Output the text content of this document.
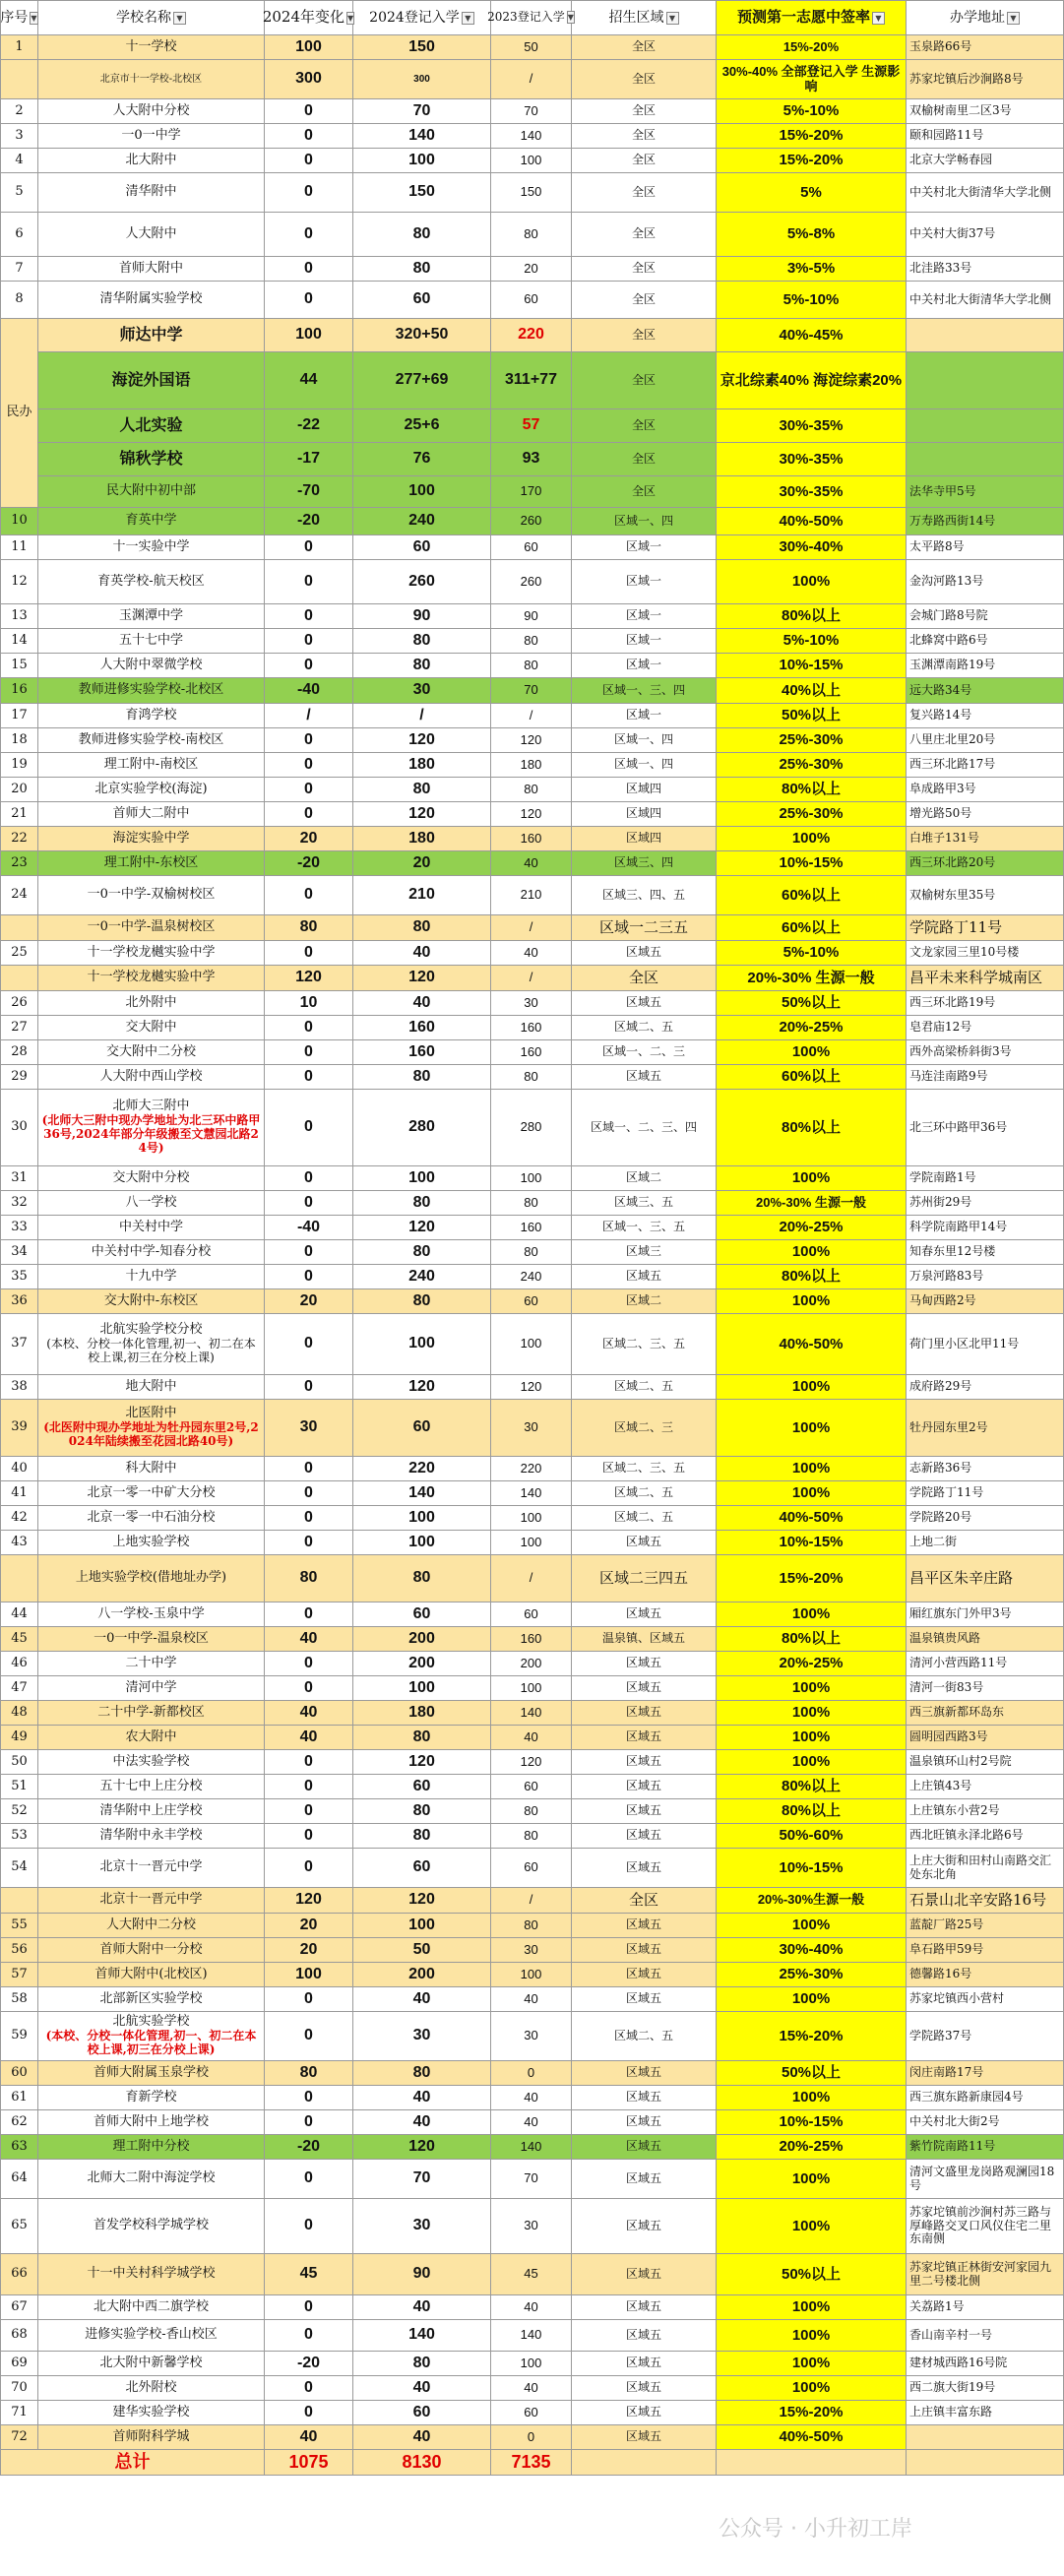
序号 ▼	学校名称 ▼	2024年变化 ▼	2024登记入学 ▼	2023登记入学 ▼	招生区域 ▼	预测第一志愿中签率 ▼	办学地址 ▼

1	十一学校	100	150	50	全区	15%-20%	玉泉路66号
	北京市十一学校-北校区	300	300	/	全区	30%-40% 全部登记入学 生源影响	苏家坨镇后沙涧路8号
2	人大附中分校	0	70	70	全区	5%-10%	双榆树南里二区3号
3	一0一中学	0	140	140	全区	15%-20%	颐和园路11号
4	北大附中	0	100	100	全区	15%-20%	北京大学畅春园
5	清华附中	0	150	150	全区	5%	中关村北大街清华大学北侧
6	人大附中	0	80	80	全区	5%-8%	中关村大街37号
7	首师大附中	0	80	20	全区	3%-5%	北洼路33号
8	清华附属实验学校	0	60	60	全区	5%-10%	中关村北大街清华大学北侧
民办	师达中学	100	320+50	220	全区	40%-45%	
	海淀外国语	44	277+69	311+77	全区	京北综素40% 海淀综素20%	
	人北实验	-22	25+6	57	全区	30%-35%	
	锦秋学校	-17	76	93	全区	30%-35%	
	民大附中初中部	-70	100	170	全区	30%-35%	法华寺甲5号
10	育英中学	-20	240	260	区域一、四	40%-50%	万寿路西街14号
11	十一实验中学	0	60	60	区域一	30%-40%	太平路8号
12	育英学校-航天校区	0	260	260	区域一	100%	金沟河路13号
13	玉渊潭中学	0	90	90	区域一	80%以上	会城门路8号院
14	五十七中学	0	80	80	区域一	5%-10%	北蜂窝中路6号
15	人大附中翠微学校	0	80	80	区域一	10%-15%	玉渊潭南路19号
16	教师进修实验学校-北校区	-40	30	70	区域一、三、四	40%以上	远大路34号
17	育鸿学校	/	/	/	区域一	50%以上	复兴路14号
18	教师进修实验学校-南校区	0	120	120	区域一、四	25%-30%	八里庄北里20号
19	理工附中-南校区	0	180	180	区域一、四	25%-30%	西三环北路17号
20	北京实验学校(海淀)	0	80	80	区域四	80%以上	阜成路甲3号
21	首师大二附中	0	120	120	区域四	25%-30%	增光路50号
22	海淀实验中学	20	180	160	区域四	100%	白堆子131号
23	理工附中-东校区	-20	20	40	区域三、四	10%-15%	西三环北路20号
24	一0一中学-双榆树校区	0	210	210	区域三、四、五	60%以上	双榆树东里35号
	一0一中学-温泉树校区	80	80	/	区域一二三五	60%以上	学院路丁11号
25	十一学校龙樾实验中学	0	40	40	区域五	5%-10%	文龙家园三里10号楼
	十一学校龙樾实验中学	120	120	/	全区	20%-30% 生源一般	昌平未来科学城南区
26	北外附中	10	40	30	区域五	50%以上	西三环北路19号
27	交大附中	0	160	160	区域二、五	20%-25%	皂君庙12号
28	交大附中二分校	0	160	160	区域一、二、三	100%	西外高梁桥斜街3号
29	人大附中西山学校	0	80	80	区域五	60%以上	马连洼南路9号
30	北师大三附中
(北师大三附中现办学地址为北三环中路甲36号,2024年部分年级搬至文慧园北路24号)	0	280	280	区域一、二、三、四	80%以上	北三环中路甲36号
31	交大附中分校	0	100	100	区域二	100%	学院南路1号
32	八一学校	0	80	80	区域三、五	20%-30% 生源一般	苏州街29号
33	中关村中学	-40	120	160	区域一、三、五	20%-25%	科学院南路甲14号
34	中关村中学-知春分校	0	80	80	区域三	100%	知春东里12号楼
35	十九中学	0	240	240	区域五	80%以上	万泉河路83号
36	交大附中-东校区	20	80	60	区域二	100%	马甸西路2号
37	北航实验学校分校
(本校、分校一体化管理,初一、初二在本校上课,初三在分校上课)	0	100	100	区域二、三、五	40%-50%	荷门里小区北甲11号
38	地大附中	0	120	120	区域二、五	100%	成府路29号
39	北医附中
(北医附中现办学地址为牡丹园东里2号,2024年陆续搬至花园北路40号)	30	60	30	区域二、三	100%	牡丹园东里2号
40	科大附中	0	220	220	区域二、三、五	100%	志新路36号
41	北京一零一中矿大分校	0	140	140	区域二、五	100%	学院路丁11号
42	北京一零一中石油分校	0	100	100	区域二、五	40%-50%	学院路20号
43	上地实验学校	0	100	100	区域五	10%-15%	上地二街
	上地实验学校(借地址办学)	80	80	/	区域二三四五	15%-20%	昌平区朱辛庄路
44	八一学校-玉泉中学	0	60	60	区域五	100%	厢红旗东门外甲3号
45	一0一中学-温泉校区	40	200	160	温泉镇、区域五	80%以上	温泉镇贵风路
46	二十中学	0	200	200	区域五	20%-25%	清河小营西路11号
47	清河中学	0	100	100	区域五	100%	清河一街83号
48	二十中学-新都校区	40	180	140	区域五	100%	西三旗新都环岛东
49	农大附中	40	80	40	区域五	100%	圆明园西路3号
50	中法实验学校	0	120	120	区域五	100%	温泉镇环山村2号院
51	五十七中上庄分校	0	60	60	区域五	80%以上	上庄镇43号
52	清华附中上庄学校	0	80	80	区域五	80%以上	上庄镇东小营2号
53	清华附中永丰学校	0	80	80	区域五	50%-60%	西北旺镇永泽北路6号
54	北京十一晋元中学	0	60	60	区域五	10%-15%	上庄大街和田村山南路交汇处东北角
	北京十一晋元中学	120	120	/	全区	20%-30%生源一般	石景山北辛安路16号
55	人大附中二分校	20	100	80	区域五	100%	蓝靛厂路25号
56	首师大附中一分校	20	50	30	区域五	30%-40%	阜石路甲59号
57	首师大附中(北校区)	100	200	100	区域五	25%-30%	德馨路16号
58	北部新区实验学校	0	40	40	区域五	100%	苏家坨镇西小营村
59	北航实验学校
(本校、分校一体化管理,初一、初二在本校上课,初三在分校上课)	0	30	30	区域二、五	15%-20%	学院路37号
60	首师大附属玉泉学校	80	80	0	区域五	50%以上	闵庄南路17号
61	育新学校	0	40	40	区域五	100%	西三旗东路新康园4号
62	首师大附中上地学校	0	40	40	区域五	10%-15%	中关村北大街2号
63	理工附中分校	-20	120	140	区域五	20%-25%	紫竹院南路11号
64	北师大二附中海淀学校	0	70	70	区域五	100%	清河文盛里龙岗路观澜园18号
65	首发学校科学城学校	0	30	30	区域五	100%	苏家坨镇前沙涧村苏三路与厚峰路交叉口风仪住宅二里东南侧
66	十一中关村科学城学校	45	90	45	区域五	50%以上	苏家坨镇正林街安河家园九里二号楼北侧
67	北大附中西二旗学校	0	40	40	区域五	100%	关荔路1号
68	进修实验学校-香山校区	0	140	140	区域五	100%	香山南辛村一号
69	北大附中新馨学校	-20	80	100	区域五	100%	建材城西路16号院
70	北外附校	0	40	40	区域五	100%	西二旗大街19号
71	建华实验学校	0	60	60	区域五	15%-20%	上庄镇丰富东路
72	首师附科学城	40	40	0	区域五	40%-50%	
总计		1075	8130	7135			
公众号 · 小升初工岸
